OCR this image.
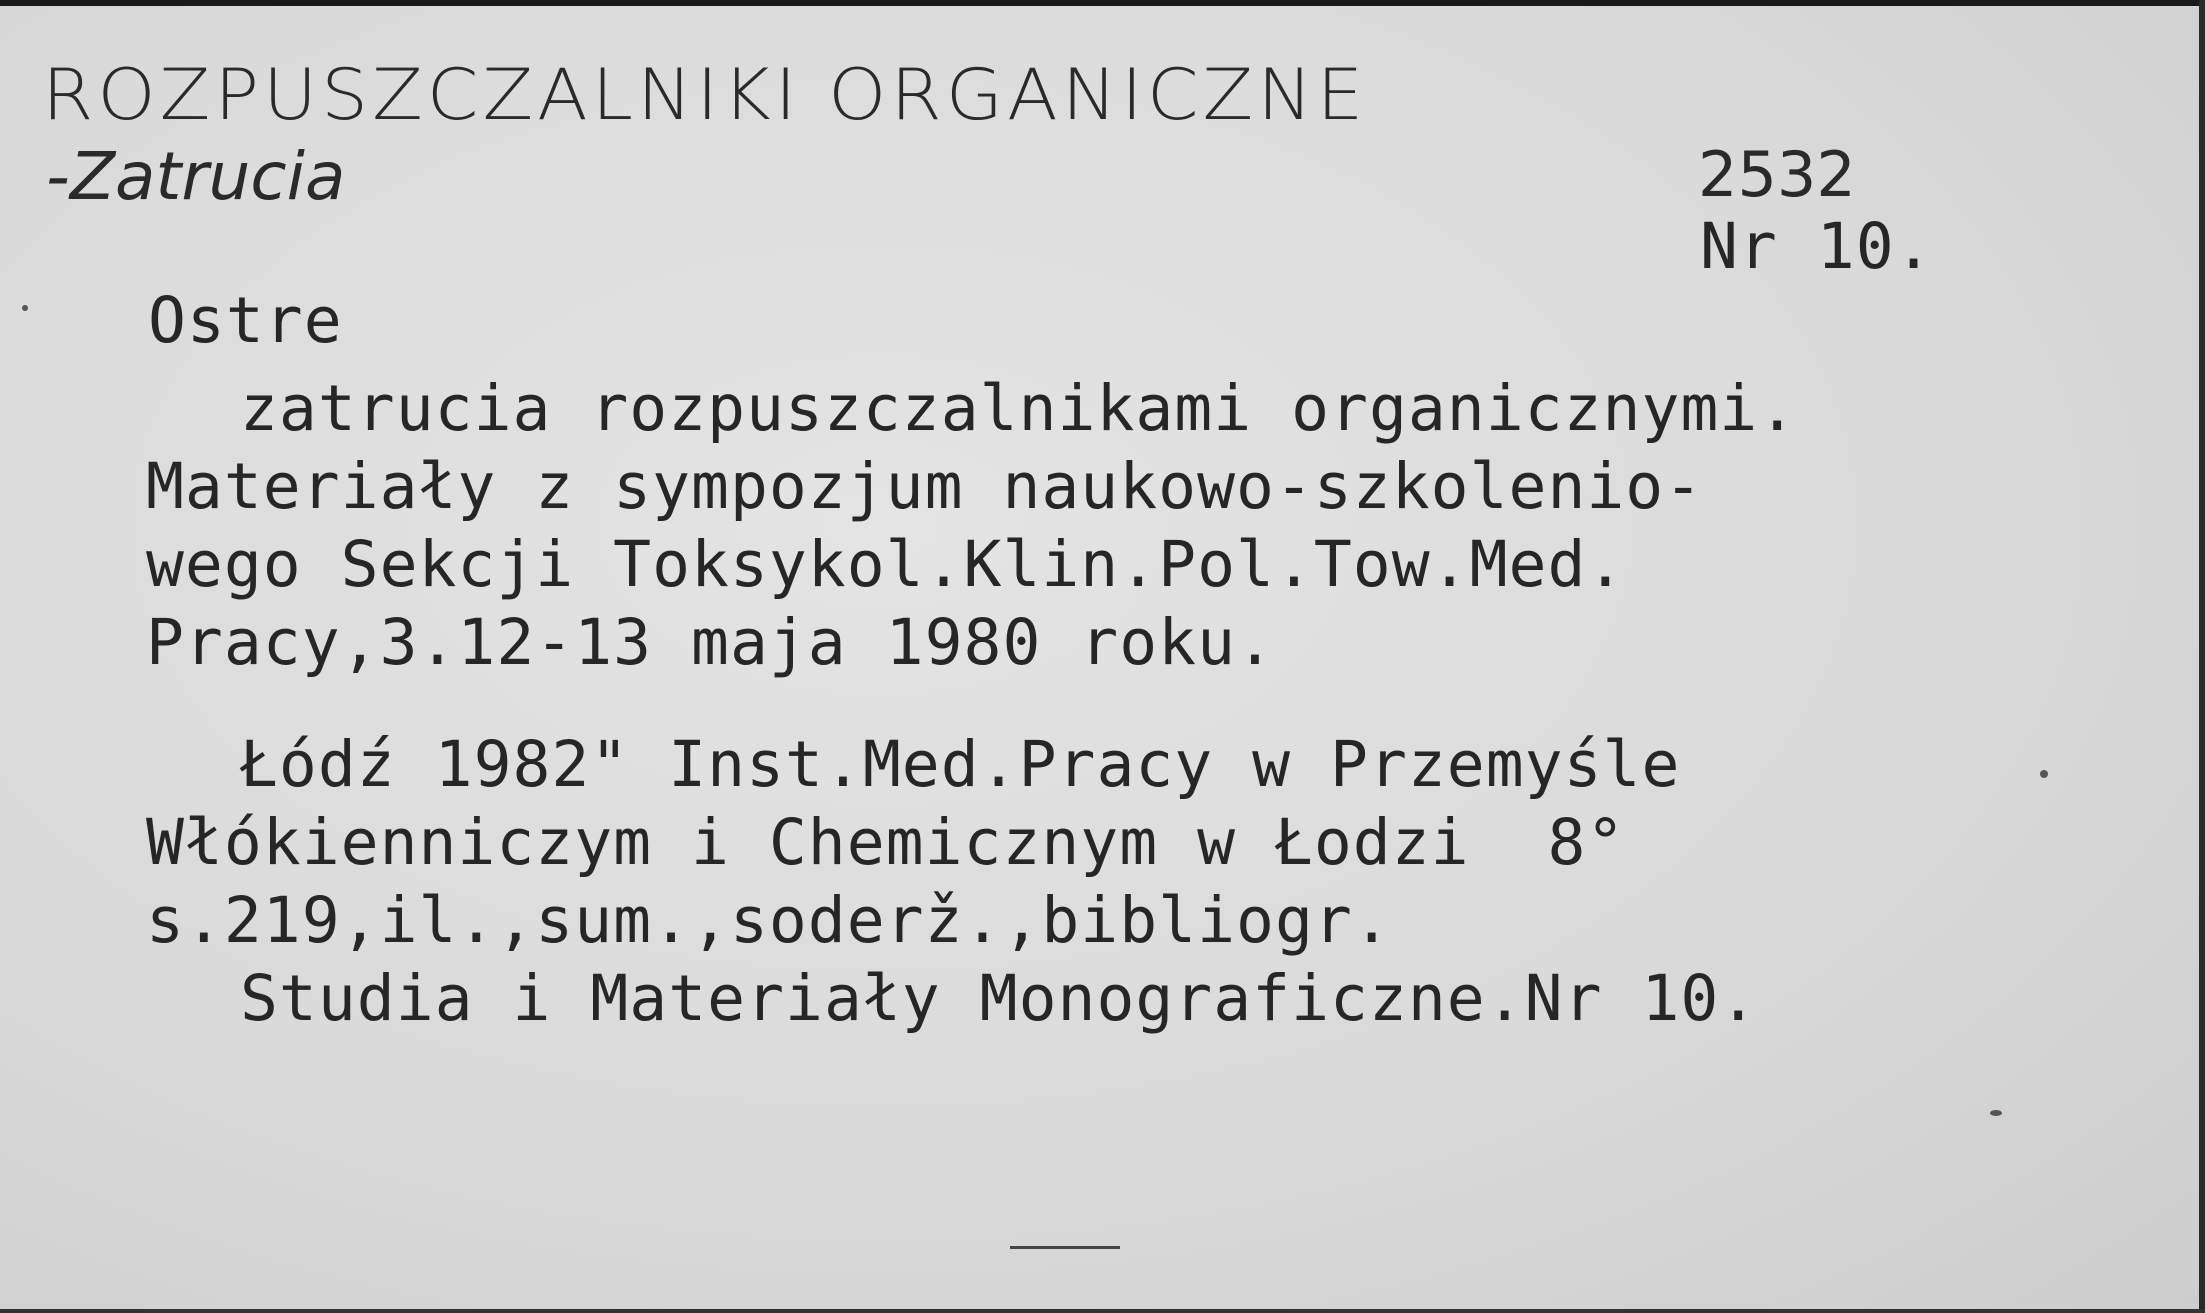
ROZPUSZCZALNIKI ORGANICZNE
-Zatrucia	2532
Nr 10.
Ostre
zatrucia rozpuszczalnikami organicznymi.
Materiały z sympozjum naukowo-szkolenio-
wego Sekcji Toksykol.Klin.Pol.Tow.Med.
Pracy,3.12-13 maja 1980 roku.
Łódź 1982" Inst.Med.Pracy w Przemyśle
Włókienniczym i Chemicznym w Łodzi  8°
s.219,il.,sum.,soderž.,bibliogr.
Studia i Materiały Monograficzne.Nr 10.
